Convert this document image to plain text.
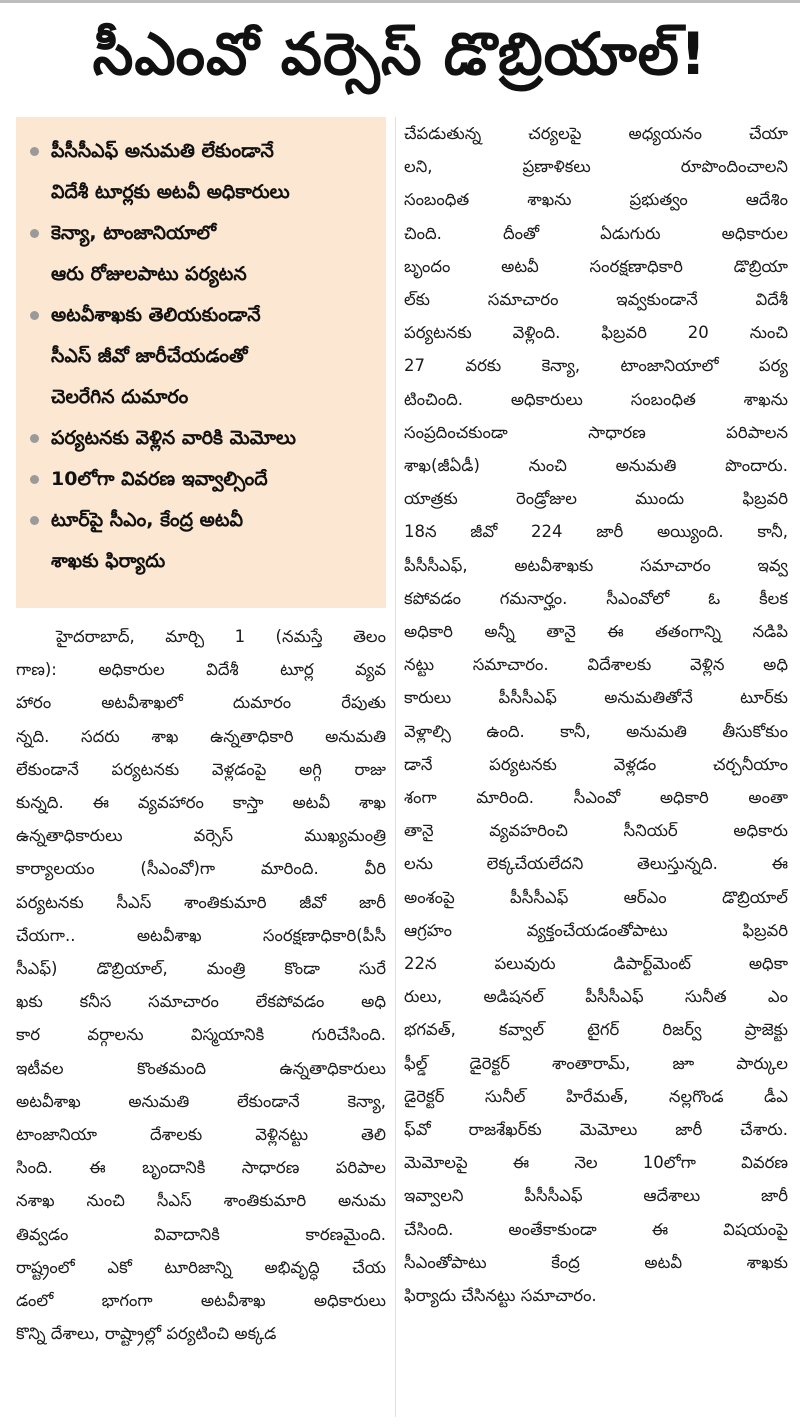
సీఎంవో వర్సెస్ డొబ్రియాల్!
పీసీసీఎఫ్ అనుమతి లేకుండానే
విదేశీ టూర్లకు అటవీ అధికారులు
కెన్యా, టాంజానియాలో
ఆరు రోజులపాటు పర్యటన
అటవీశాఖకు తెలియకుండానే
సీఎస్ జీవో జారీచేయడంతో
చెలరేగిన దుమారం
పర్యటనకు వెళ్లిన వారికి మెమోలు
10లోగా వివరణ ఇవ్వాల్సిందే
టూర్‌పై సీఎం, కేంద్ర అటవీ
శాఖకు ఫిర్యాదు
హైదరాబాద్, మార్చి 1 (నమస్తే తెలం
గాణ): అధికారుల విదేశీ టూర్ల వ్యవ
హారం అటవీశాఖలో దుమారం రేపుతు
న్నది. సదరు శాఖ ఉన్నతాధికారి అనుమతి
లేకుండానే పర్యటనకు వెళ్లడంపై అగ్గి రాజు
కున్నది. ఈ వ్యవహారం కాస్తా అటవీ శాఖ
ఉన్నతాధికారులు వర్సెస్ ముఖ్యమంత్రి
కార్యాలయం (సీఎంవో)గా మారింది. వీరి
పర్యటనకు సీఎస్ శాంతికుమారి జీవో జారీ
చేయగా.. అటవీశాఖ సంరక్షణాధికారి(పీసీ
సీఎఫ్) డొబ్రియాల్, మంత్రి కొండా సురే
ఖకు కనీస సమాచారం లేకపోవడం అధి
కార వర్గాలను విస్మయానికి గురిచేసింది.
ఇటీవల కొంతమంది ఉన్నతాధికారులు
అటవీశాఖ అనుమతి లేకుండానే కెన్యా,
టాంజానియా దేశాలకు వెళ్లినట్టు తెలి
సింది. ఈ బృందానికి సాధారణ పరిపాల
నశాఖ నుంచి సీఎస్ శాంతికుమారి అనుమ
తివ్వడం వివాదానికి కారణమైంది.
రాష్ట్రంలో ఎకో టూరిజాన్ని అభివృద్ధి చేయ
డంలో భాగంగా అటవీశాఖ అధికారులు
కొన్ని దేశాలు, రాష్ట్రాల్లో పర్యటించి అక్కడ
చేపడుతున్న చర్యలపై అధ్యయనం చేయా
లని, ప్రణాళికలు రూపొందించాలని
సంబంధిత శాఖను ప్రభుత్వం ఆదేశిం
చింది. దీంతో ఏడుగురు అధికారుల
బృందం అటవీ సంరక్షణాధికారి డొబ్రియా
ల్‌కు సమాచారం ఇవ్వకుండానే విదేశీ
పర్యటనకు వెళ్లింది. ఫిబ్రవరి 20 నుంచి
27 వరకు కెన్యా, టాంజానియాలో పర్య
టించింది. అధికారులు సంబంధిత శాఖను
సంప్రదించకుండా సాధారణ పరిపాలన
శాఖ(జీఏడీ) నుంచి అనుమతి పొందారు.
యాత్రకు రెండ్రోజుల ముందు ఫిబ్రవరి
18న జీవో 224 జారీ అయ్యింది. కానీ,
పీసీసీఎఫ్, అటవీశాఖకు సమాచారం ఇవ్వ
కపోవడం గమనార్హం. సీఎంవోలో ఓ కీలక
అధికారి అన్నీ తానై ఈ తతంగాన్ని నడిపి
నట్టు సమాచారం. విదేశాలకు వెళ్లిన అధి
కారులు పీసీసీఎఫ్ అనుమతితోనే టూర్‌కు
వెళ్లాల్సి ఉంది. కానీ, అనుమతి తీసుకోకుం
డానే పర్యటనకు వెళ్లడం చర్చనీయాం
శంగా మారింది. సీఎంవో అధికారి అంతా
తానై వ్యవహరించి సీనియర్ అధికారు
లను లెక్కచేయలేదని తెలుస్తున్నది. ఈ
అంశంపై పీసీసీఎఫ్ ఆర్‌ఎం డొబ్రియాల్
ఆగ్రహం వ్యక్తంచేయడంతోపాటు ఫిబ్రవరి
22న పలువురు డిపార్ట్‌మెంట్ అధికా
రులు, అడిషనల్ పీసీసీఎఫ్ సునీత ఎం
భగవత్, కవ్వాల్ టైగర్ రిజర్వ్ ప్రాజెక్టు
ఫీల్డ్ డైరెక్టర్ శాంతారామ్, జూ పార్కుల
డైరెక్టర్ సునీల్ హిరేమత్, నల్లగొండ డీఎ
ఫ్‌వో రాజశేఖర్‌కు మెమోలు జారీ చేశారు.
మెమోలపై ఈ నెల 10లోగా వివరణ
ఇవ్వాలని పీసీసీఎఫ్ ఆదేశాలు జారీ
చేసింది. అంతేకాకుండా ఈ విషయంపై
సీఎంతోపాటు కేంద్ర అటవీ శాఖకు
ఫిర్యాదు చేసినట్టు సమాచారం.
